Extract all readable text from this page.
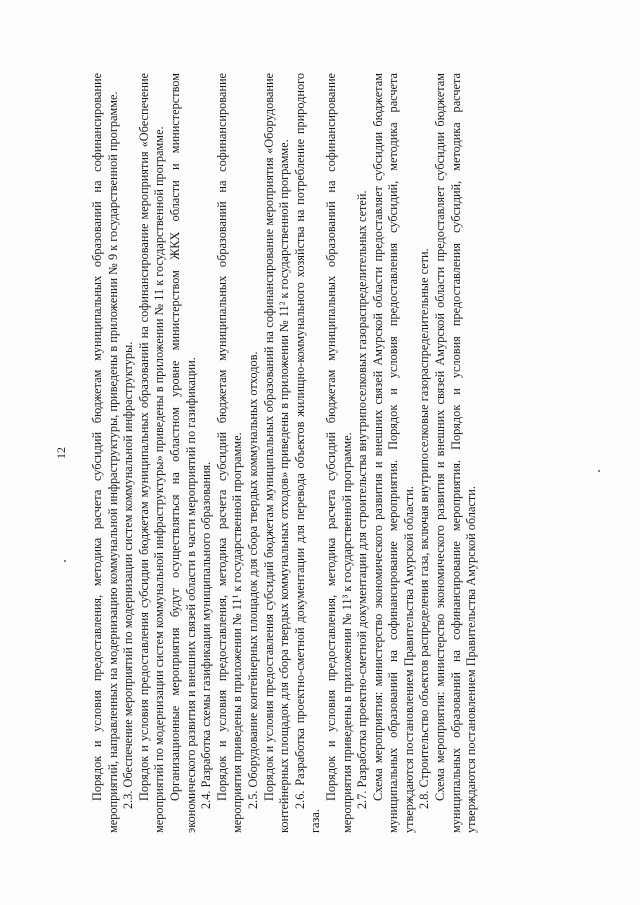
12 Порядок и условия предоставления, методика расчета субсидий бюджетам муниципальных образований на софинансирование мероприятий, направленных на модернизацию коммунальной инфраструктуры, приведены в приложении № 9 к государственной программе. 2.3. Обеспечение мероприятий по модернизации систем коммунальной инфраструктуры. Порядок и условия предоставления субсидии бюджетам муниципальных образований на софинансирование мероприятия «Обеспечение мероприятий по модернизации систем коммунальной инфраструктуры» приведены в приложении № 11 к государственной программе. Организационные мероприятия будут осуществляться на областном уровне министерством ЖКХ области и министерством экономического развития и внешних связей области в части мероприятий по газификации. 2.4. Разработка схемы газификации муниципального образования. Порядок и условия предоставления, методика расчета субсидий бюджетам муниципальных образований на софинансирование мероприятия приведены в приложении № 11¹ к государственной программе. 2.5. Оборудование контейнерных площадок для сбора твердых коммунальных отходов. Порядок и условия предоставления субсидий бюджетам муниципальных образований на софинансирование мероприятия «Оборудование контейнерных площадок для сбора твердых коммунальных отходов» приведены в приложении № 11² к государственной программе. 2.6. Разработка проектно-сметной документации для перевода объектов жилищно-коммунального хозяйства на потребление природного газа.

Порядок и условия предоставления, методика расчета субсидий бюджетам муниципальных образований на софинансирование мероприятия приведены в приложении № 11³ к государственной программе. 2.7. Разработка проектно-сметной документации для строительства внутрипоселковых газораспределительных сетей. Схема мероприятия: министерство экономического развития и внешних связей Амурской области предоставляет субсидии бюджетам муниципальных образований на софинансирование мероприятия. Порядок и условия предоставления субсидий, методика расчета утверждаются постановлением Правительства Амурской области. 2.8. Строительство объектов распределения газа, включая внутрипоселковые газораспределительные сети. Схема мероприятия: министерство экономического развития и внешних связей Амурской области предоставляет субсидии бюджетам муниципальных образований на софинансирование мероприятия. Порядок и условия предоставления субсидий, методика расчета утверждаются постановлением Правительства Амурской области.
